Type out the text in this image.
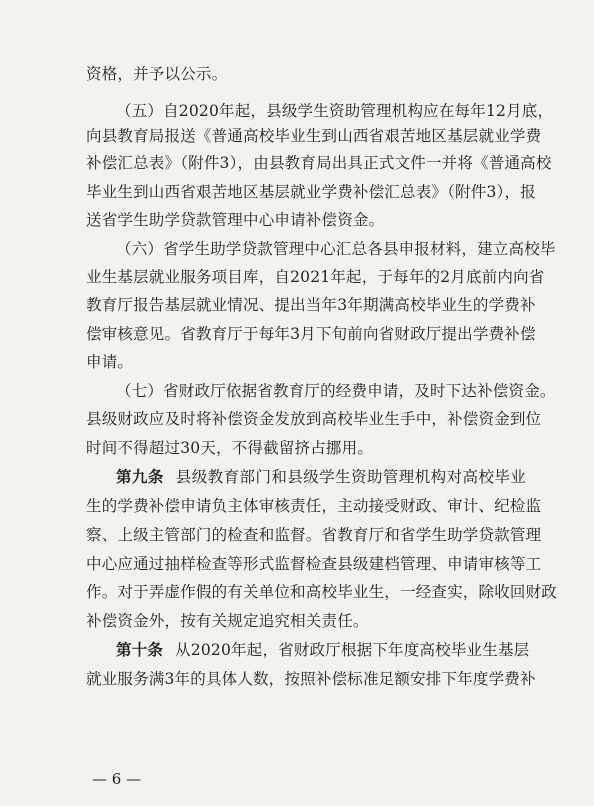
资格，并予以公示。
（五）自2020年起，县级学生资助管理机构应在每年12月底，
向县教育局报送《普通高校毕业生到山西省艰苦地区基层就业学费
补偿汇总表》（附件3），由县教育局出具正式文件一并将《普通高校
毕业生到山西省艰苦地区基层就业学费补偿汇总表》（附件3），报
送省学生助学贷款管理中心申请补偿资金。
（六）省学生助学贷款管理中心汇总各县申报材料，建立高校毕
业生基层就业服务项目库，自2021年起，于每年的2月底前内向省
教育厅报告基层就业情况、提出当年3年期满高校毕业生的学费补
偿审核意见。省教育厅于每年3月下旬前向省财政厅提出学费补偿
申请。
（七）省财政厅依据省教育厅的经费申请，及时下达补偿资金。
县级财政应及时将补偿资金发放到高校毕业生手中，补偿资金到位
时间不得超过30天，不得截留挤占挪用。
第九条 县级教育部门和县级学生资助管理机构对高校毕业
生的学费补偿申请负主体审核责任，主动接受财政、审计、纪检监
察、上级主管部门的检查和监督。省教育厅和省学生助学贷款管理
中心应通过抽样检查等形式监督检查县级建档管理、申请审核等工
作。对于弄虚作假的有关单位和高校毕业生，一经查实，除收回财政
补偿资金外，按有关规定追究相关责任。
第十条 从2020年起，省财政厅根据下年度高校毕业生基层
就业服务满3年的具体人数，按照补偿标准足额安排下年度学费补
— 6 —
